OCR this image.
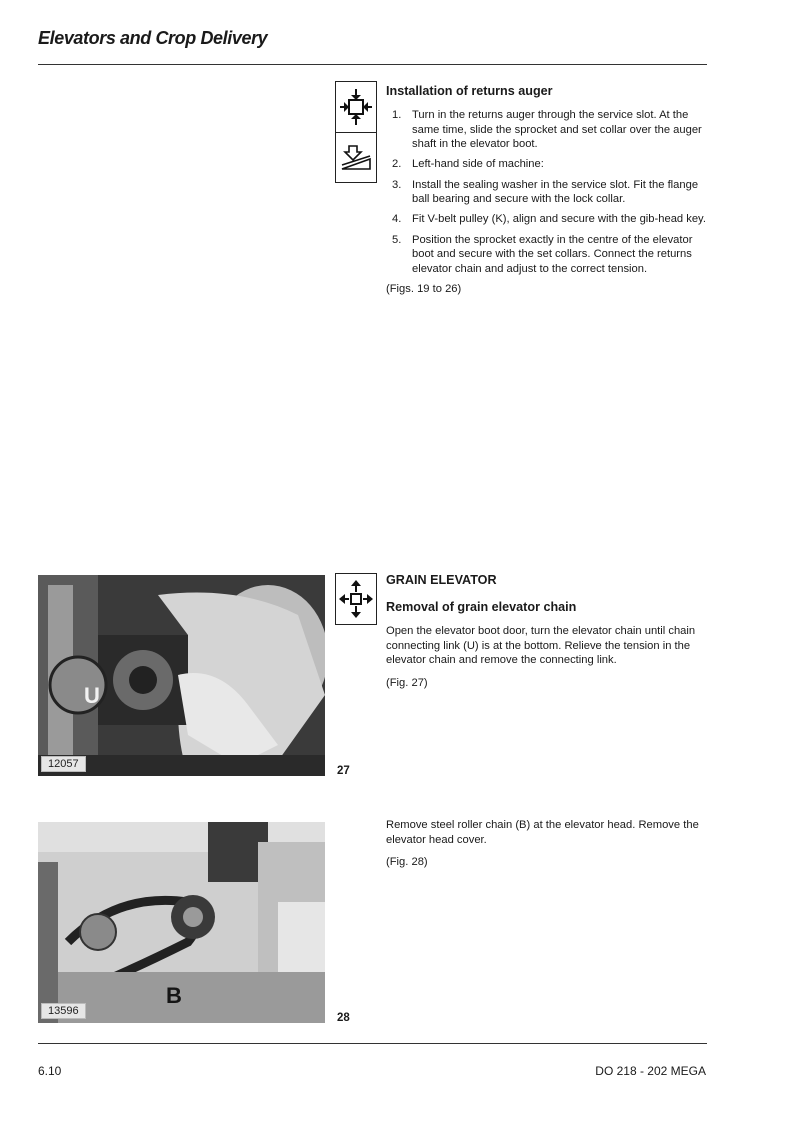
Elevators and Crop Delivery
Installation of returns auger
1. Turn in the returns auger through the service slot. At the same time, slide the sprocket and set collar over the auger shaft in the elevator boot.
2. Left-hand side of machine:
3. Install the sealing washer in the service slot. Fit the flange ball bearing and secure with the lock collar.
4. Fit V-belt pulley (K), align and secure with the gib-head key.
5. Position the sprocket exactly in the centre of the elevator boot and secure with the set collars. Connect the returns elevator chain and adjust to the correct tension.
(Figs. 19 to 26)
U
12057
27
GRAIN ELEVATOR
Removal of grain elevator chain
Open the elevator boot door, turn the elevator chain until chain connecting link (U) is at the bottom. Relieve the tension in the elevator chain and remove the connecting link.
(Fig. 27)
B
13596
28
Remove steel roller chain (B) at the elevator head. Remove the elevator head cover.
(Fig. 28)
6.10	DO 218 - 202 MEGA
